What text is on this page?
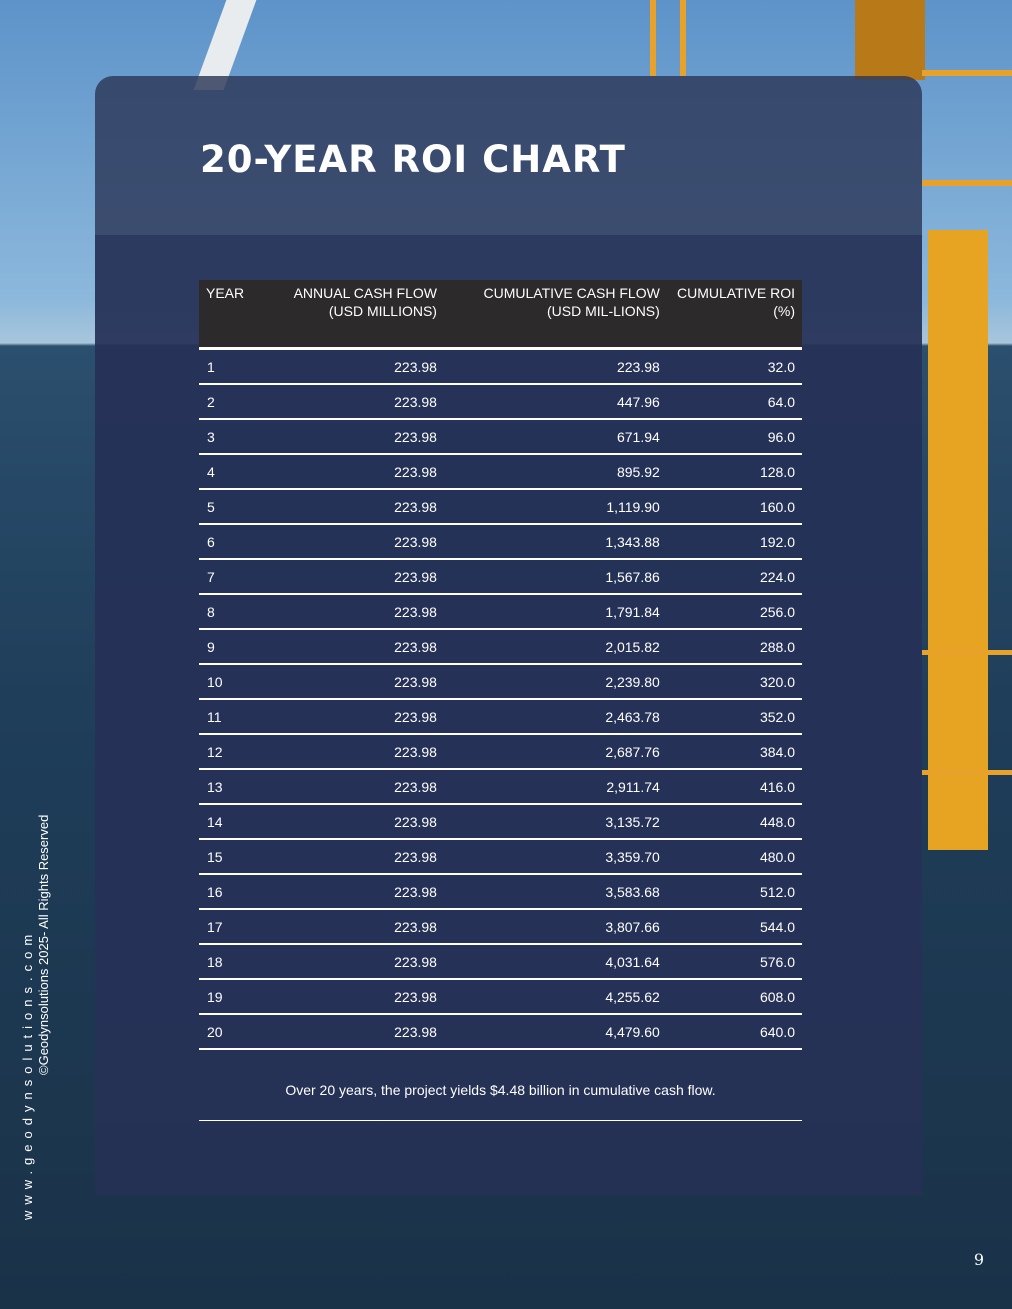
20-YEAR ROI CHART
YEAR	ANNUAL CASH FLOW (USD MILLIONS)	CUMULATIVE CASH FLOW (USD MIL-LIONS)	CUMULATIVE ROI (%)
1	223.98	223.98	32.0
2	223.98	447.96	64.0
3	223.98	671.94	96.0
4	223.98	895.92	128.0
5	223.98	1,119.90	160.0
6	223.98	1,343.88	192.0
7	223.98	1,567.86	224.0
8	223.98	1,791.84	256.0
9	223.98	2,015.82	288.0
10	223.98	2,239.80	320.0
11	223.98	2,463.78	352.0
12	223.98	2,687.76	384.0
13	223.98	2,911.74	416.0
14	223.98	3,135.72	448.0
15	223.98	3,359.70	480.0
16	223.98	3,583.68	512.0
17	223.98	3,807.66	544.0
18	223.98	4,031.64	576.0
19	223.98	4,255.62	608.0
20	223.98	4,479.60	640.0
Over 20 years, the project yields $4.48 billion in cumulative cash flow.
www.geodynsolutions.com ©Geodynsolutions 2025- All Rights Reserved
9
